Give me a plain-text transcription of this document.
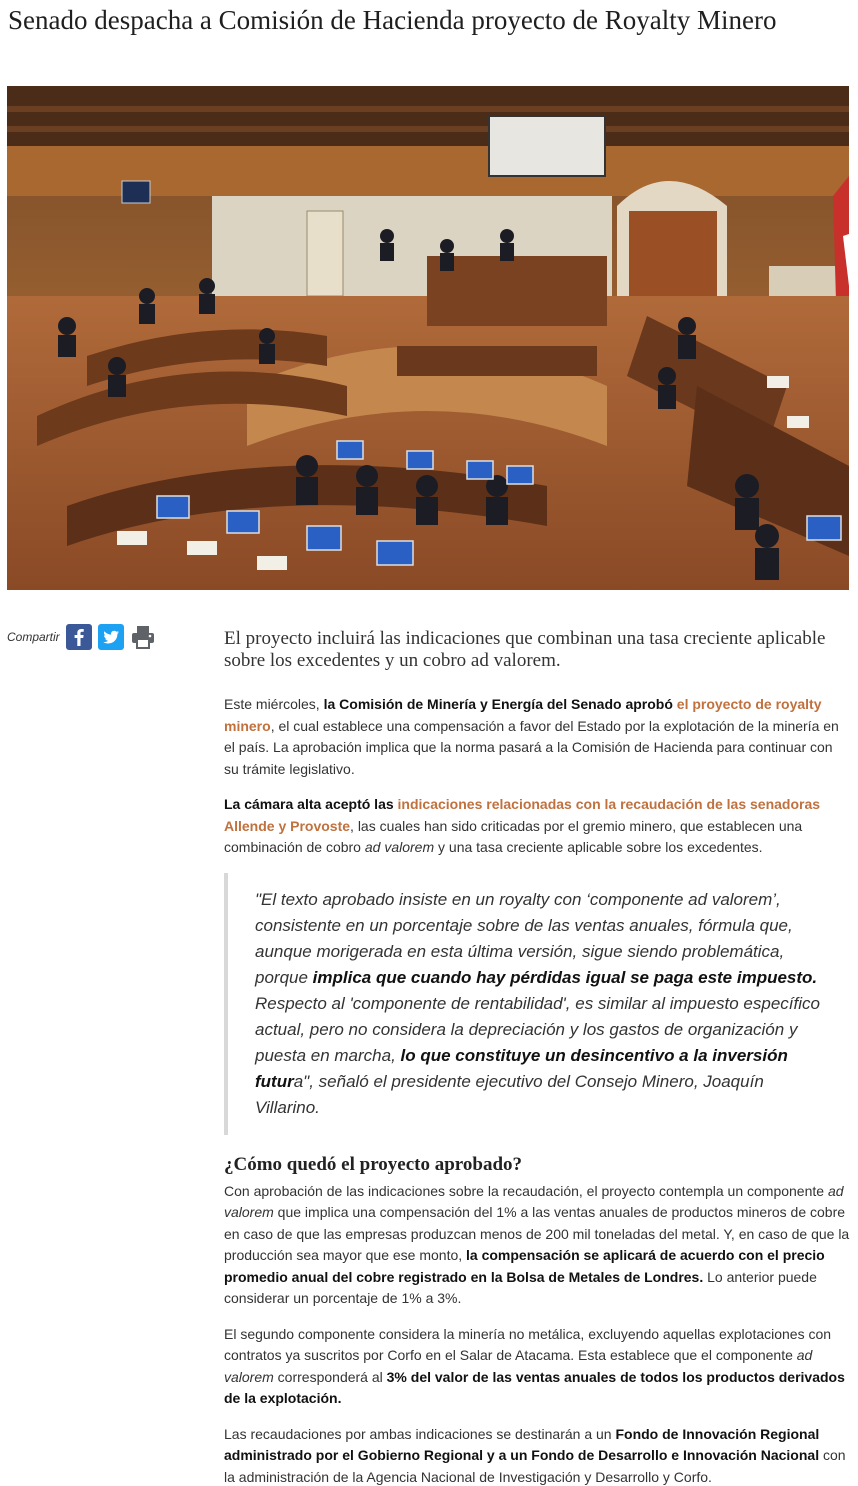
Senado despacha a Comisión de Hacienda proyecto de Royalty Minero
Compartir	El proyecto incluirá las indicaciones que combinan una tasa creciente aplicable sobre los excedentes y un cobro ad valorem.

Este miércoles, la Comisión de Minería y Energía del Senado aprobó el proyecto de royalty minero, el cual establece una compensación a favor del Estado por la explotación de la minería en el país. La aprobación implica que la norma pasará a la Comisión de Hacienda para continuar con su trámite legislativo.

La cámara alta aceptó las indicaciones relacionadas con la recaudación de las senadoras Allende y Provoste, las cuales han sido criticadas por el gremio minero, que establecen una combinación de cobro ad valorem y una tasa creciente aplicable sobre los excedentes.

"El texto aprobado insiste en un royalty con ‘componente ad valorem’, consistente en un porcentaje sobre de las ventas anuales, fórmula que, aunque morigerada en esta última versión, sigue siendo problemática, porque implica que cuando hay pérdidas igual se paga este impuesto. Respecto al 'componente de rentabilidad', es similar al impuesto específico actual, pero no considera la depreciación y los gastos de organización y puesta en marcha, lo que constituye un desincentivo a la inversión futura", señaló el presidente ejecutivo del Consejo Minero, Joaquín Villarino.
¿Cómo quedó el proyecto aprobado?

Con aprobación de las indicaciones sobre la recaudación, el proyecto contempla un componente ad valorem que implica una compensación del 1% a las ventas anuales de productos mineros de cobre en caso de que las empresas produzcan menos de 200 mil toneladas del metal. Y, en caso de que la producción sea mayor que ese monto, la compensación se aplicará de acuerdo con el precio promedio anual del cobre registrado en la Bolsa de Metales de Londres. Lo anterior puede considerar un porcentaje de 1% a 3%.

El segundo componente considera la minería no metálica, excluyendo aquellas explotaciones con contratos ya suscritos por Corfo en el Salar de Atacama. Esta establece que el componente ad valorem corresponderá al 3% del valor de las ventas anuales de todos los productos derivados de la explotación.

Las recaudaciones por ambas indicaciones se destinarán a un Fondo de Innovación Regional administrado por el Gobierno Regional y a un Fondo de Desarrollo e Innovación Nacional con la administración de la Agencia Nacional de Investigación y Desarrollo y Corfo.
